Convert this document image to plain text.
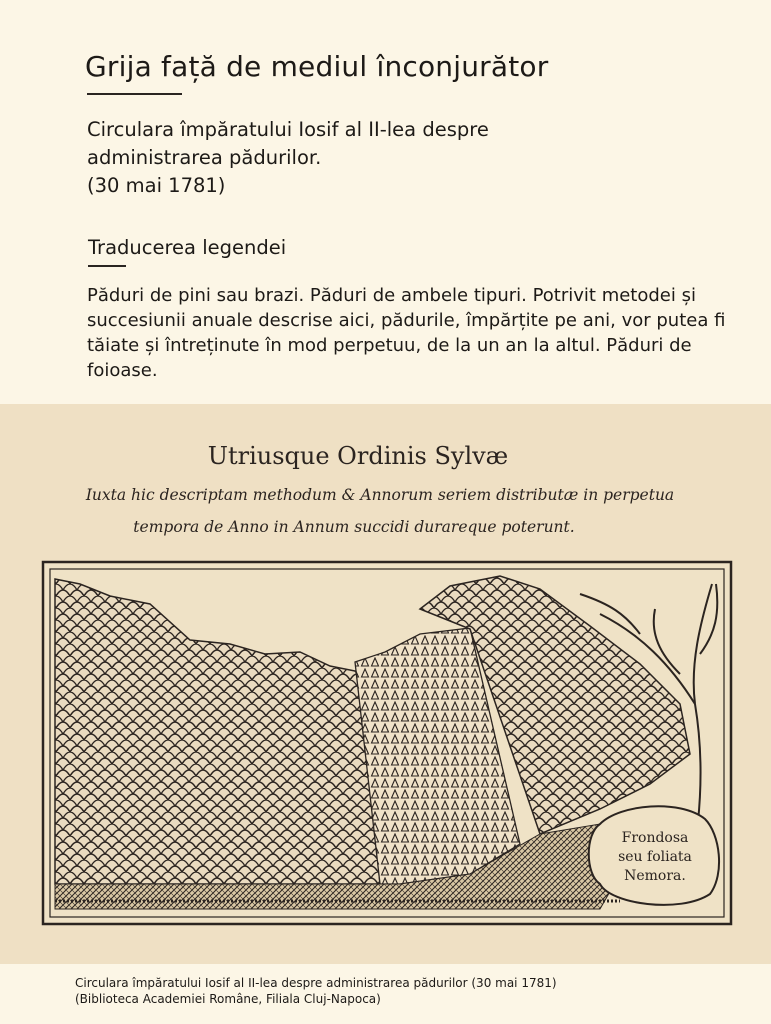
Grija față de mediul înconjurător
Circulara împăratului Iosif al II-lea despre
administrarea pădurilor.
(30 mai 1781)
Traducerea legendei

Păduri de pini sau brazi. Păduri de ambele tipuri. Potrivit metodei și succesiunii anuale descrise aici, pădurile, împărțite pe ani, vor putea fi tăiate și întreținute în mod perpetuu, de la un an la altul. Păduri de foioase.

Utriusque Ordinis Sylvæ
Iuxta hic descriptam methodum & Annorum seriem distributæ in perpetua
tempora de Anno in Annum succidi durareque poterunt.
Frondosa
seu foliata
Nemora.
Circulara împăratului Iosif al II-lea despre administrarea pădurilor (30 mai 1781)
(Biblioteca Academiei Române, Filiala Cluj-Napoca)
